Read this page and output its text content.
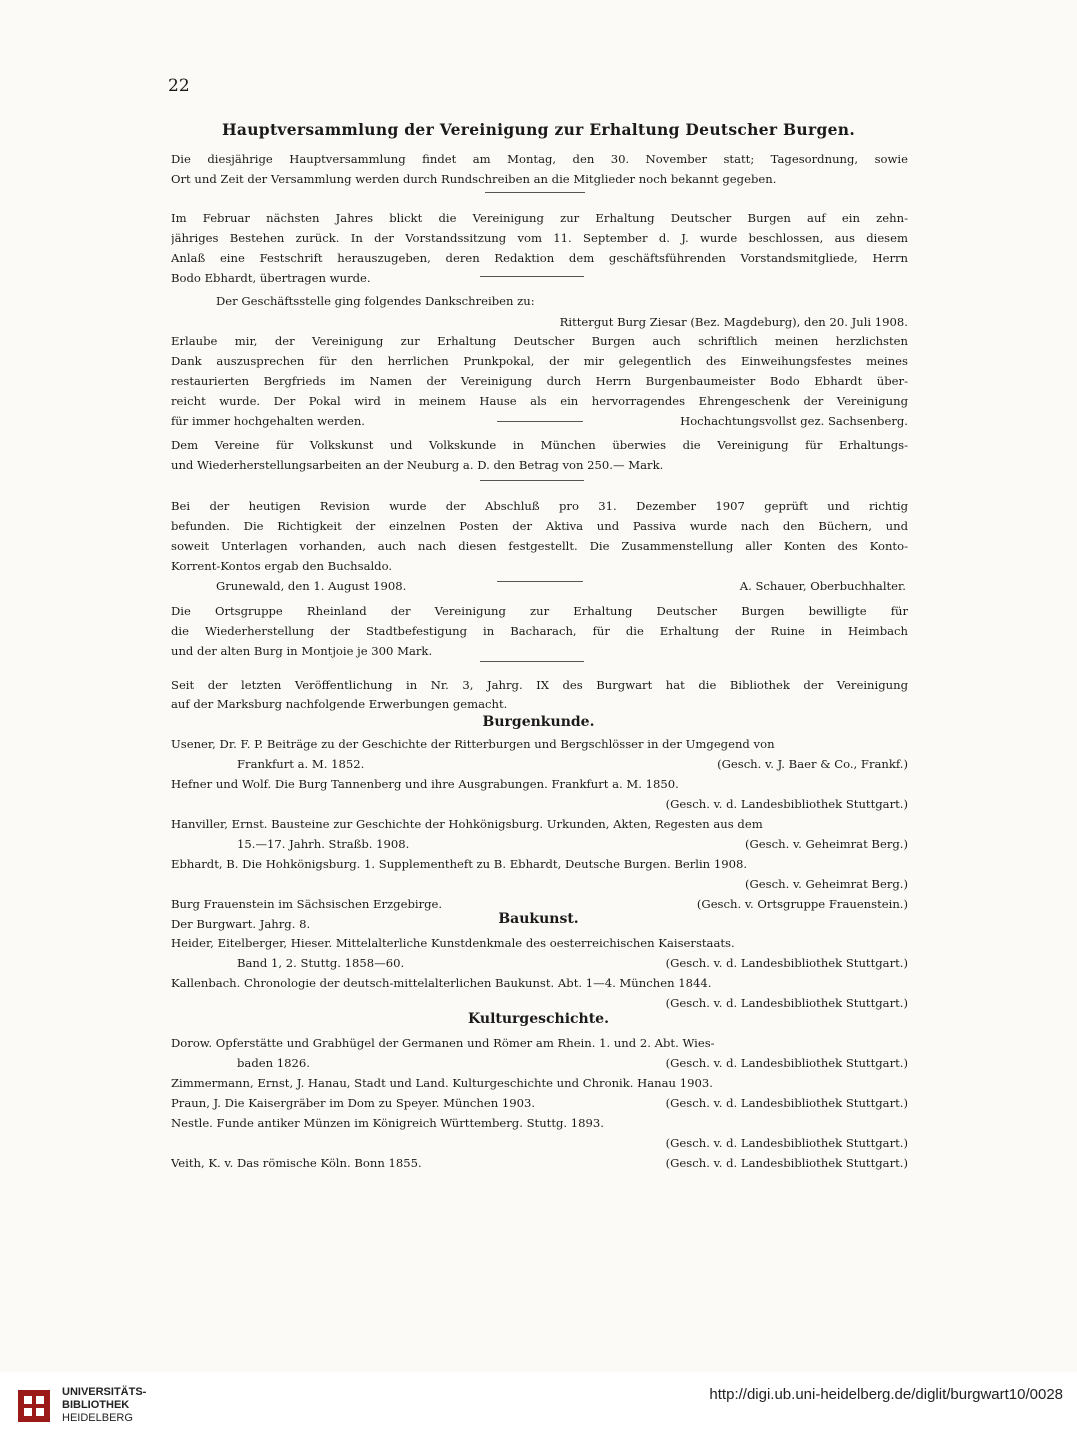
22
Hauptversammlung der Vereinigung zur Erhaltung Deutscher Burgen.
Die diesjährige Hauptversammlung findet am Montag, den 30. November statt; Tagesordnung, sowie
Ort und Zeit der Versammlung werden durch Rundschreiben an die Mitglieder noch bekannt gegeben.
Im Februar nächsten Jahres blickt die Vereinigung zur Erhaltung Deutscher Burgen auf ein zehn-
jähriges Bestehen zurück. In der Vorstandssitzung vom 11. September d. J. wurde beschlossen, aus diesem
Anlaß eine Festschrift herauszugeben, deren Redaktion dem geschäftsführenden Vorstandsmitgliede, Herrn
Bodo Ebhardt, übertragen wurde.
Der Geschäftsstelle ging folgendes Dankschreiben zu:
Rittergut Burg Ziesar (Bez. Magdeburg), den 20. Juli 1908.
Erlaube mir, der Vereinigung zur Erhaltung Deutscher Burgen auch schriftlich meinen herzlichsten
Dank auszusprechen für den herrlichen Prunkpokal, der mir gelegentlich des Einweihungsfestes meines
restaurierten Bergfrieds im Namen der Vereinigung durch Herrn Burgenbaumeister Bodo Ebhardt über-
reicht wurde. Der Pokal wird in meinem Hause als ein hervorragendes Ehrengeschenk der Vereinigung
für immer hochgehalten werden.	Hochachtungsvollst gez. Sachsenberg.
Dem Vereine für Volkskunst und Volkskunde in München überwies die Vereinigung für Erhaltungs-
und Wiederherstellungsarbeiten an der Neuburg a. D. den Betrag von 250.— Mark.
Bei der heutigen Revision wurde der Abschluß pro 31. Dezember 1907 geprüft und richtig
befunden. Die Richtigkeit der einzelnen Posten der Aktiva und Passiva wurde nach den Büchern, und
soweit Unterlagen vorhanden, auch nach diesen festgestellt. Die Zusammenstellung aller Konten des Konto-
Korrent-Kontos ergab den Buchsaldo.
Grunewald, den 1. August 1908.	A. Schauer, Oberbuchhalter.
Die Ortsgruppe Rheinland der Vereinigung zur Erhaltung Deutscher Burgen bewilligte für
die Wiederherstellung der Stadtbefestigung in Bacharach, für die Erhaltung der Ruine in Heimbach
und der alten Burg in Montjoie je 300 Mark.
Seit der letzten Veröffentlichung in Nr. 3, Jahrg. IX des Burgwart hat die Bibliothek der Vereinigung
auf der Marksburg nachfolgende Erwerbungen gemacht.
Burgenkunde.
Usener, Dr. F. P. Beiträge zu der Geschichte der Ritterburgen und Bergschlösser in der Umgegend von
Frankfurt a. M. 1852.	(Gesch. v. J. Baer & Co., Frankf.)
Hefner und Wolf. Die Burg Tannenberg und ihre Ausgrabungen. Frankfurt a. M. 1850.
(Gesch. v. d. Landesbibliothek Stuttgart.)
Hanviller, Ernst. Bausteine zur Geschichte der Hohkönigsburg. Urkunden, Akten, Regesten aus dem
15.—17. Jahrh. Straßb. 1908.	(Gesch. v. Geheimrat Berg.)
Ebhardt, B. Die Hohkönigsburg. 1. Supplementheft zu B. Ebhardt, Deutsche Burgen. Berlin 1908.
(Gesch. v. Geheimrat Berg.)
Burg Frauenstein im Sächsischen Erzgebirge.	(Gesch. v. Ortsgruppe Frauenstein.)
Der Burgwart. Jahrg. 8.	Baukunst.
Heider, Eitelberger, Hieser. Mittelalterliche Kunstdenkmale des oesterreichischen Kaiserstaats.
Band 1, 2. Stuttg. 1858—60.	(Gesch. v. d. Landesbibliothek Stuttgart.)
Kallenbach. Chronologie der deutsch-mittelalterlichen Baukunst. Abt. 1—4. München 1844.
(Gesch. v. d. Landesbibliothek Stuttgart.)
Kulturgeschichte.
Dorow. Opferstätte und Grabhügel der Germanen und Römer am Rhein. 1. und 2. Abt. Wies-
baden 1826.	(Gesch. v. d. Landesbibliothek Stuttgart.)
Zimmermann, Ernst, J. Hanau, Stadt und Land. Kulturgeschichte und Chronik. Hanau 1903.
Praun, J. Die Kaisergräber im Dom zu Speyer. München 1903.	(Gesch. v. d. Landesbibliothek Stuttgart.)
Nestle. Funde antiker Münzen im Königreich Württemberg. Stuttg. 1893.
(Gesch. v. d. Landesbibliothek Stuttgart.)
Veith, K. v. Das römische Köln. Bonn 1855.	(Gesch. v. d. Landesbibliothek Stuttgart.)
UNIVERSITÄTS-
BIBLIOTHEK
HEIDELBERG
http://digi.ub.uni-heidelberg.de/diglit/burgwart10/0028
